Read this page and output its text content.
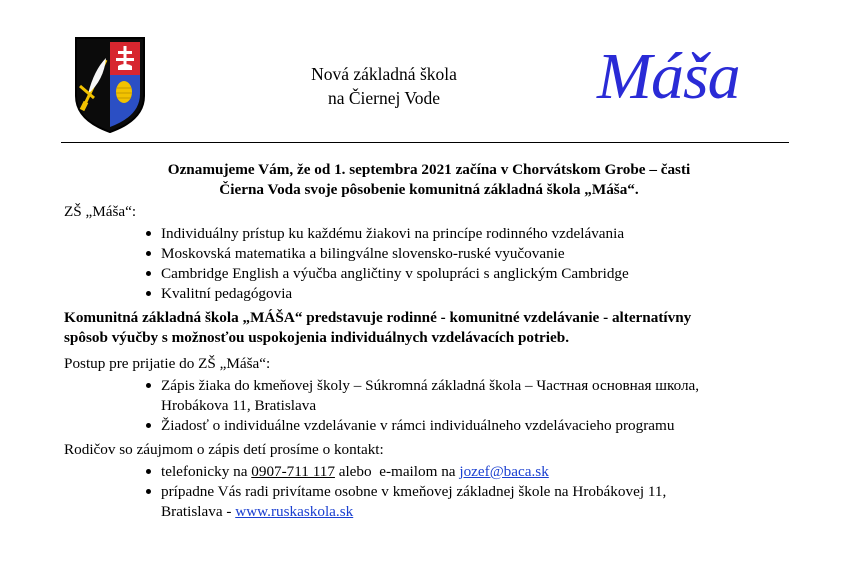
Nová základná škola
na Čiernej Vode	Máša
Oznamujeme Vám, že od 1. septembra 2021 začína v Chorvátskom Grobe – časti
Čierna Voda svoje pôsobenie komunitná základná škola „Máša“.
ZŠ „Máša“:
Individuálny prístup ku každému žiakovi na princípe rodinného vzdelávania
Moskovská matematika a bilingválne slovensko-ruské vyučovanie
Cambridge English a výučba angličtiny v spolupráci s anglickým Cambridge
Kvalitní pedagógovia
Komunitná základná škola „MÁŠA“ predstavuje rodinné - komunitné vzdelávanie - alternatívny
spôsob výučby s možnosťou uspokojenia individuálnych vzdelávacích potrieb.
Postup pre prijatie do ZŠ „Máša“:
Zápis žiaka do kmeňovej školy – Súkromná základná škola – Частная основная школа,
Hrobákova 11, Bratislava
Žiadosť o individuálne vzdelávanie v rámci individuálneho vzdelávacieho programu
Rodičov so záujmom o zápis detí prosíme o kontakt:
telefonicky na 0907-711 117 alebo  e-mailom na jozef@baca.sk
prípadne Vás radi privítame osobne v kmeňovej základnej škole na Hrobákovej 11,
Bratislava - www.ruskaskola.sk
